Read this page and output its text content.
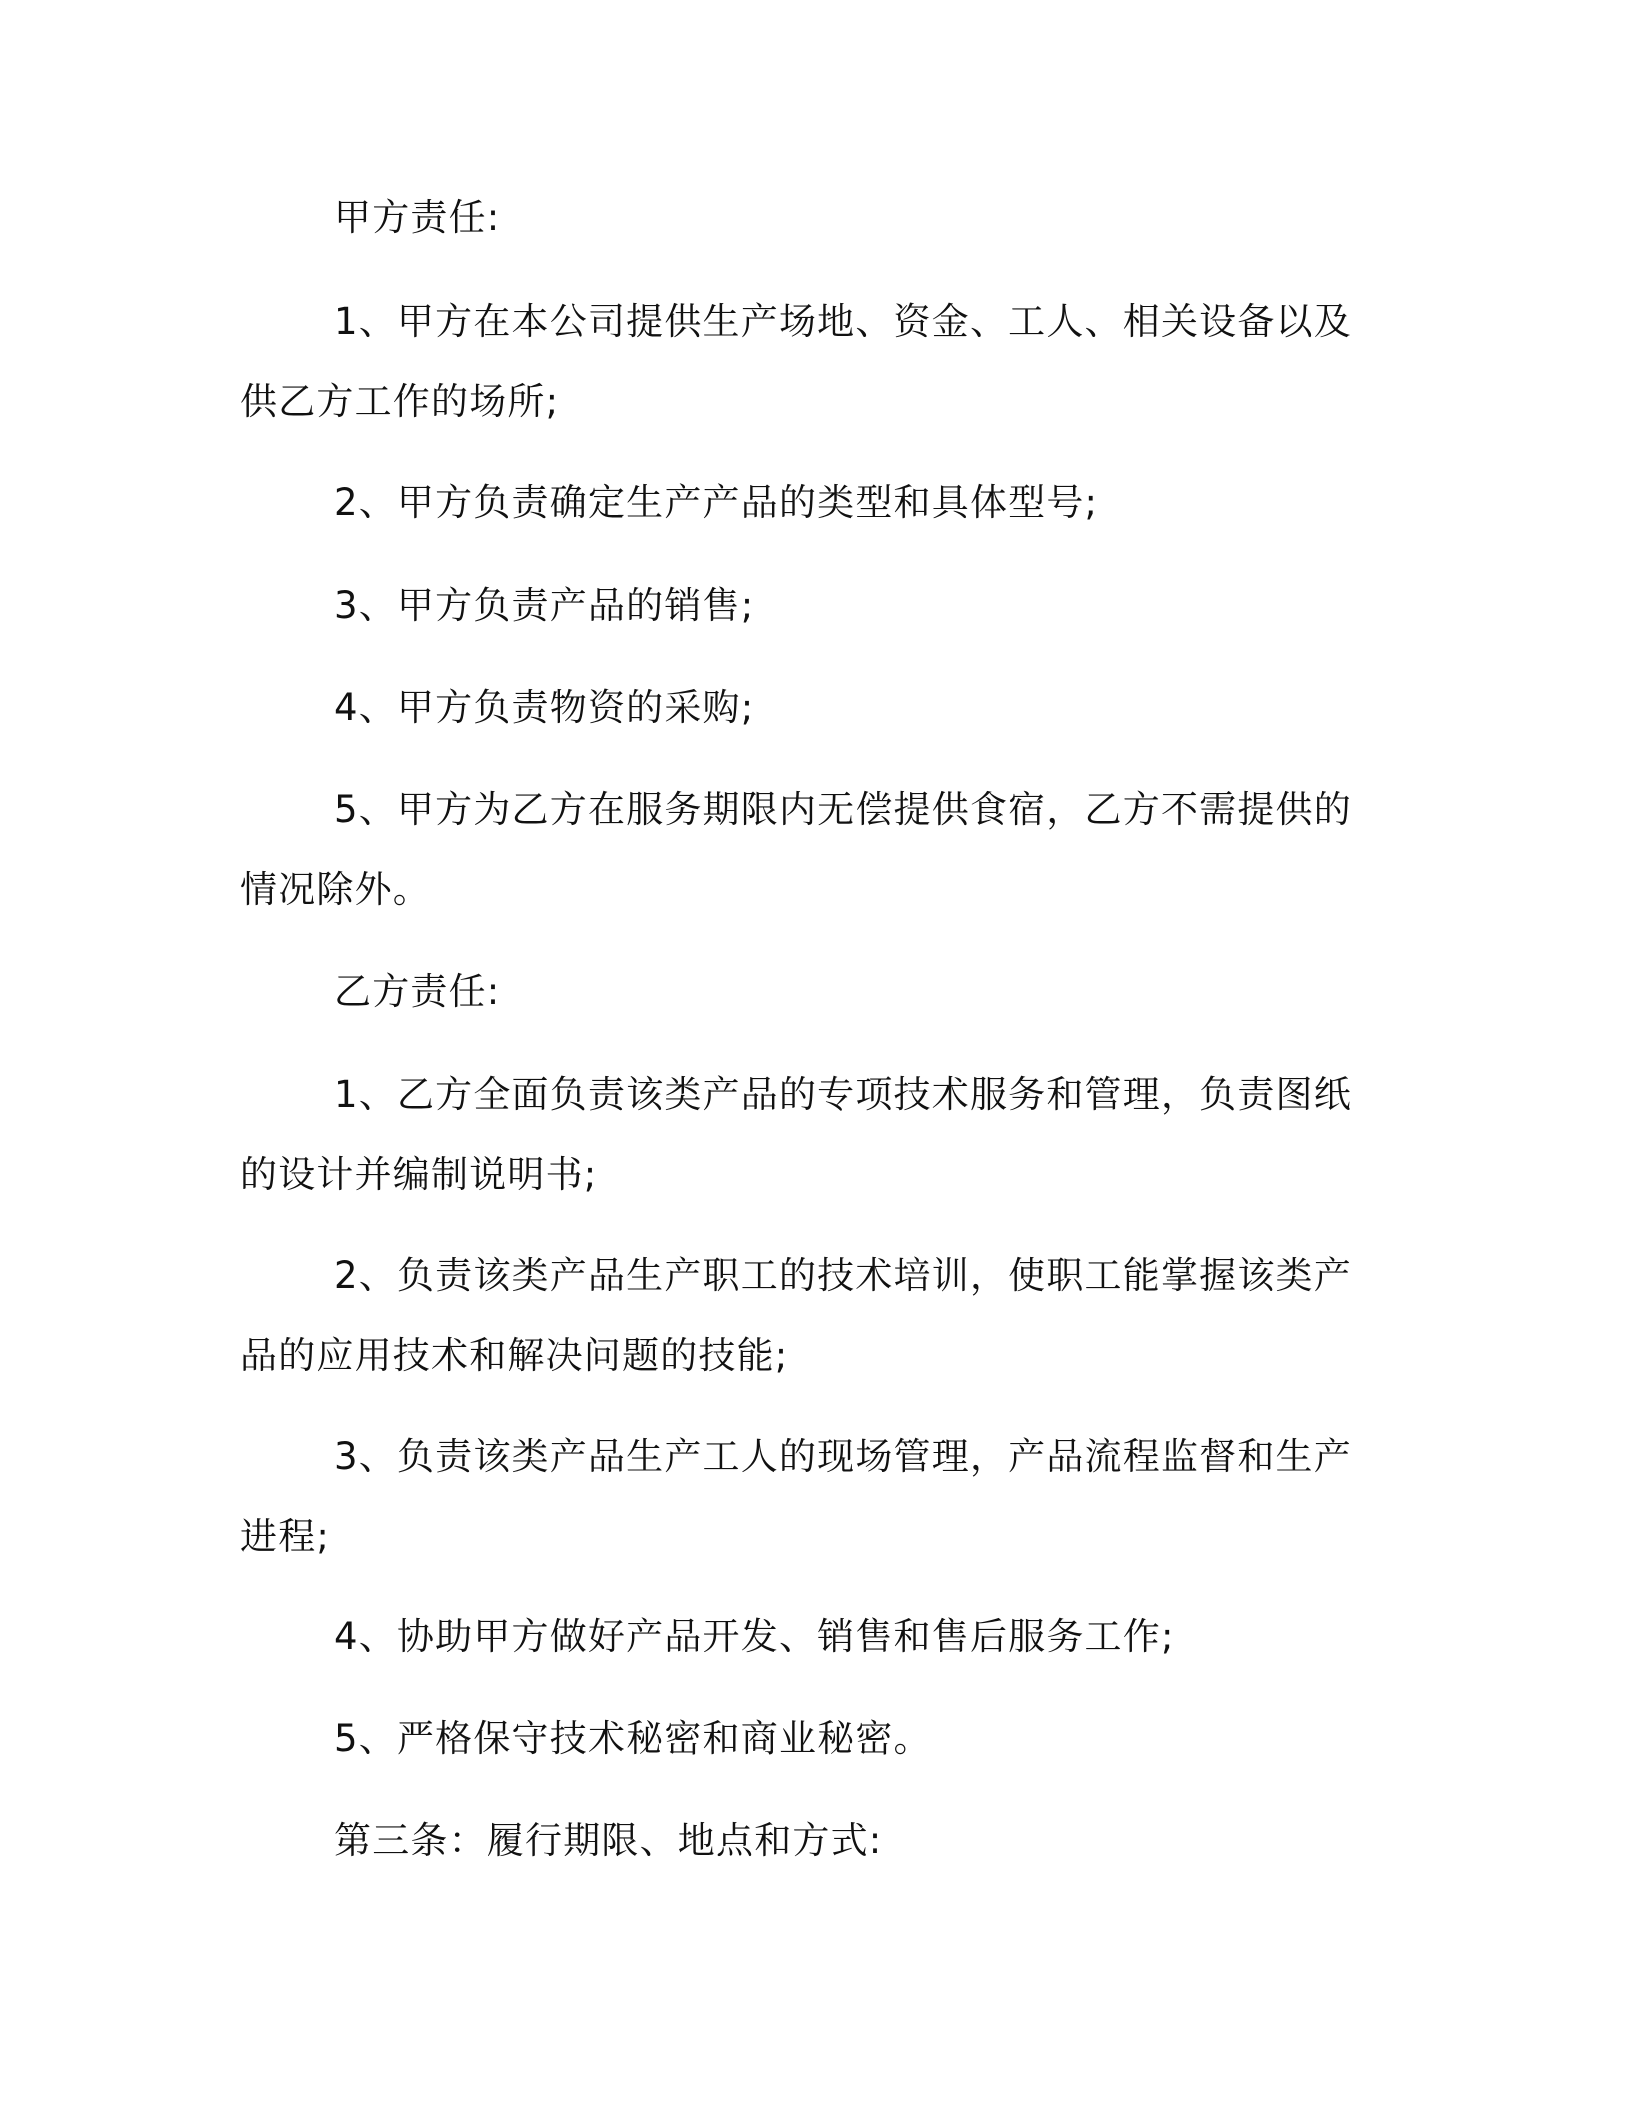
甲方责任:

1、甲方在本公司提供生产场地、资金、工人、相关设备以及供乙方工作的场所;

2、甲方负责确定生产产品的类型和具体型号;

3、甲方负责产品的销售;

4、甲方负责物资的采购;

5、甲方为乙方在服务期限内无偿提供食宿，乙方不需提供的情况除外。

乙方责任:

1、乙方全面负责该类产品的专项技术服务和管理，负责图纸的设计并编制说明书;

2、负责该类产品生产职工的技术培训，使职工能掌握该类产品的应用技术和解决问题的技能;

3、负责该类产品生产工人的现场管理，产品流程监督和生产进程;

4、协助甲方做好产品开发、销售和售后服务工作;

5、严格保守技术秘密和商业秘密。

第三条：履行期限、地点和方式:
